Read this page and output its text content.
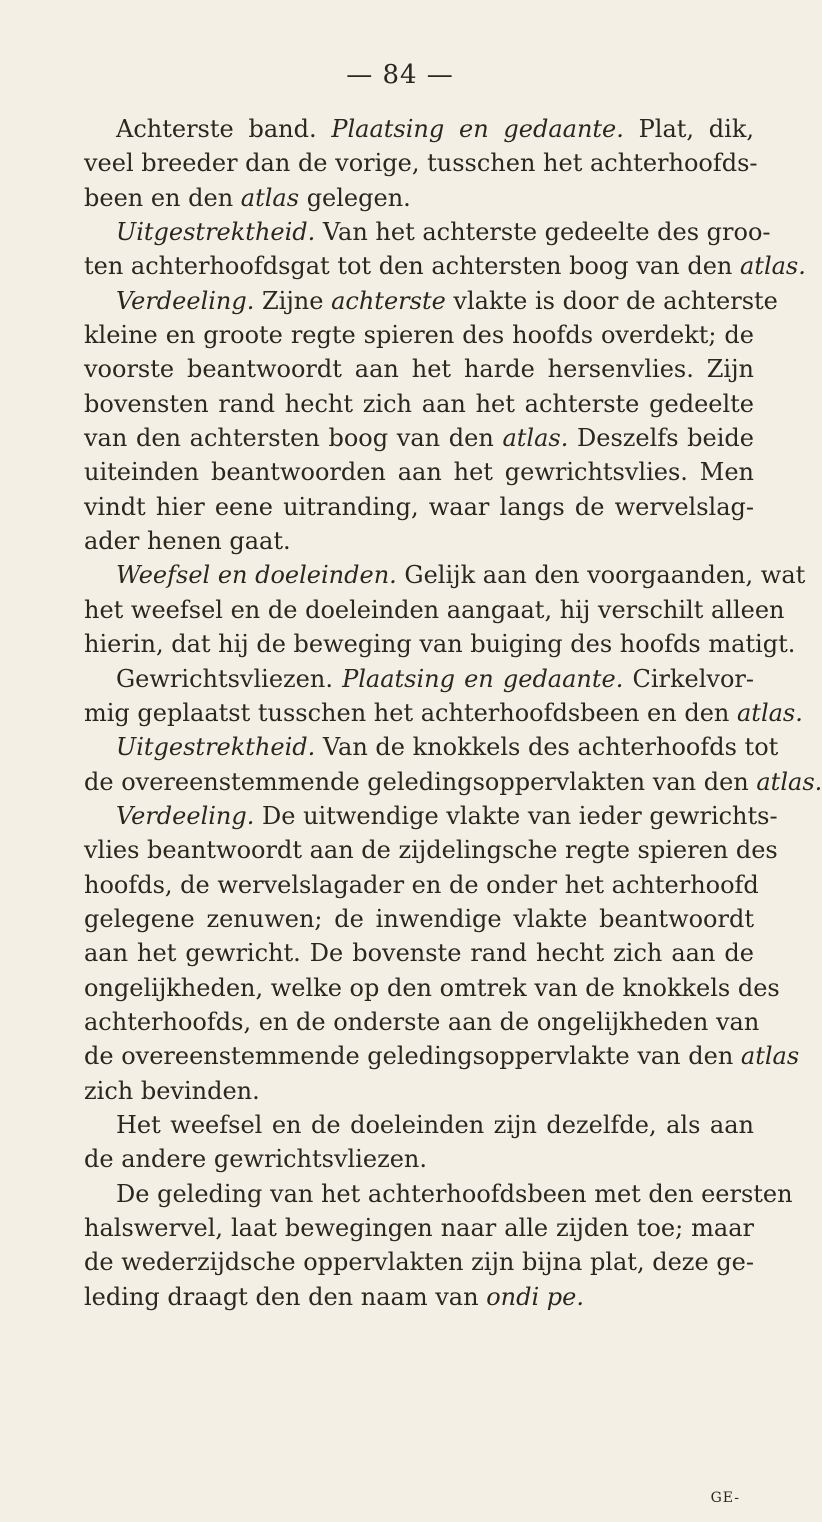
— 84 —
Achterste band. Plaatsing en gedaante. Plat, dik,
veel breeder dan de vorige, tusschen het achterhoofds-
been en den atlas gelegen.
Uitgestrektheid. Van het achterste gedeelte des groo-
ten achterhoofdsgat tot den achtersten boog van den atlas.
Verdeeling. Zijne achterste vlakte is door de achterste
kleine en groote regte spieren des hoofds overdekt; de
voorste beantwoordt aan het harde hersenvlies. Zijn
bovensten rand hecht zich aan het achterste gedeelte
van den achtersten boog van den atlas. Deszelfs beide
uiteinden beantwoorden aan het gewrichtsvlies. Men
vindt hier eene uitranding, waar langs de wervelslag-
ader henen gaat.
Weefsel en doeleinden. Gelijk aan den voorgaanden, wat
het weefsel en de doeleinden aangaat, hij verschilt alleen
hierin, dat hij de beweging van buiging des hoofds matigt.
Gewrichtsvliezen. Plaatsing en gedaante. Cirkelvor-
mig geplaatst tusschen het achterhoofdsbeen en den atlas.
Uitgestrektheid. Van de knokkels des achterhoofds tot
de overeenstemmende geledingsoppervlakten van den atlas.
Verdeeling. De uitwendige vlakte van ieder gewrichts-
vlies beantwoordt aan de zijdelingsche regte spieren des
hoofds, de wervelslagader en de onder het achterhoofd
gelegene zenuwen; de inwendige vlakte beantwoordt
aan het gewricht. De bovenste rand hecht zich aan de
ongelijkheden, welke op den omtrek van de knokkels des
achterhoofds, en de onderste aan de ongelijkheden van
de overeenstemmende geledingsoppervlakte van den atlas
zich bevinden.
Het weefsel en de doeleinden zijn dezelfde, als aan
de andere gewrichtsvliezen.
De geleding van het achterhoofdsbeen met den eersten
halswervel, laat bewegingen naar alle zijden toe; maar
de wederzijdsche oppervlakten zijn bijna plat, deze ge-
leding draagt den den naam van ondi pe.
GE-
